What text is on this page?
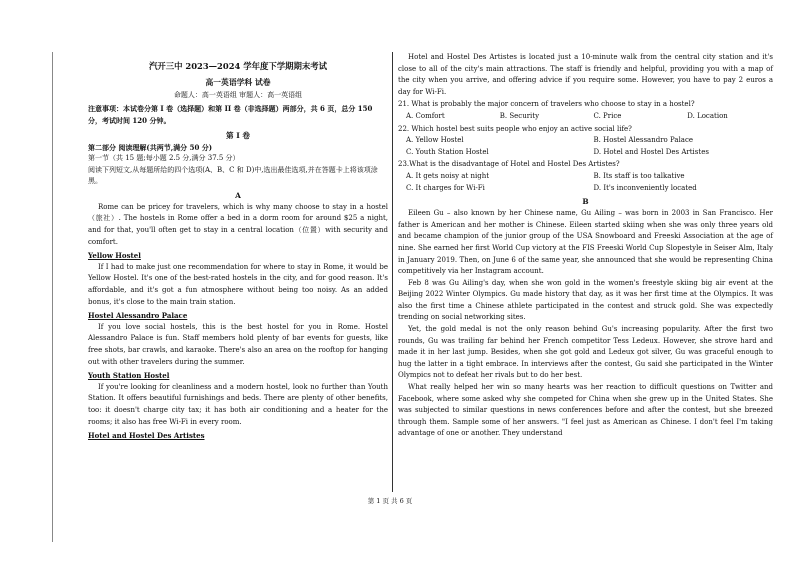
汽开三中 2023—2024 学年度下学期期末考试
高一英语学科 试卷
命题人：高一英语组 审题人：高一英语组
注意事项：本试卷分第 I 卷（选择题）和第 II 卷（非选择题）两部分，共 6 页，总分 150 分，考试时间 120 分钟。
第 I 卷
第二部分 阅读理解(共两节,满分 50 分)
第一节（共 15 题;每小题 2.5 分,满分 37.5 分）
阅读下列短文,从每题所给的四个选项(A、B、C 和 D)中,选出最佳选项,并在答题卡上将该项涂黑。
A
Rome can be pricey for travelers, which is why many choose to stay in a hostel （旅社）. The hostels in Rome offer a bed in a dorm room for around $25 a night, and for that, you'll often get to stay in a central location（位置）with security and comfort.
Yellow Hostel
If I had to make just one recommendation for where to stay in Rome, it would be Yellow Hostel. It's one of the best-rated hostels in the city, and for good reason. It's affordable, and it's got a fun atmosphere without being too noisy. As an added bonus, it's close to the main train station.
Hostel Alessandro Palace
If you love social hostels, this is the best hostel for you in Rome. Hostel Alessandro Palace is fun. Staff members hold plenty of bar events for guests, like free shots, bar crawls, and karaoke. There's also an area on the rooftop for hanging out with other travelers during the summer.
Youth Station Hostel
If you're looking for cleanliness and a modern hostel, look no further than Youth Station. It offers beautiful furnishings and beds. There are plenty of other benefits, too: it doesn't charge city tax; it has both air conditioning and a heater for the rooms; it also has free Wi-Fi in every room.
Hotel and Hostel Des Artistes
Hotel and Hostel Des Artistes is located just a 10-minute walk from the central city station and it's close to all of the city's main attractions. The staff is friendly and helpful, providing you with a map of the city when you arrive, and offering advice if you require some. However, you have to pay 2 euros a day for Wi-Fi.
21. What is probably the major concern of travelers who choose to stay in a hostel?
A. Comfort	B. Security	C. Price	D. Location
22. Which hostel best suits people who enjoy an active social life?
A. Yellow Hostel	B. Hostel Alessandro Palace
C. Youth Station Hostel	D. Hotel and Hostel Des Artistes
23.What is the disadvantage of Hotel and Hostel Des Artistes?
A. It gets noisy at night	B. Its staff is too talkative
C. It charges for Wi-Fi	D. It's inconveniently located
B
Eileen Gu – also known by her Chinese name, Gu Ailing – was born in 2003 in San Francisco. Her father is American and her mother is Chinese. Eileen started skiing when she was only three years old and became champion of the junior group of the USA Snowboard and Freeski Association at the age of nine. She earned her first World Cup victory at the FIS Freeski World Cup Slopestyle in Seiser Alm, Italy in January 2019. Then, on June 6 of the same year, she announced that she would be representing China competitively via her Instagram account.
Feb 8 was Gu Ailing's day, when she won gold in the women's freestyle skiing big air event at the Beijing 2022 Winter Olympics. Gu made history that day, as it was her first time at the Olympics. It was also the first time a Chinese athlete participated in the contest and struck gold. She was expectedly trending on social networking sites.
Yet, the gold medal is not the only reason behind Gu's increasing popularity. After the first two rounds, Gu was trailing far behind her French competitor Tess Ledeux. However, she strove hard and made it in her last jump. Besides, when she got gold and Ledeux got silver, Gu was graceful enough to hug the latter in a tight embrace. In interviews after the contest, Gu said she participated in the Winter Olympics not to defeat her rivals but to do her best.
What really helped her win so many hearts was her reaction to difficult questions on Twitter and Facebook, where some asked why she competed for China when she grew up in the United States. She was subjected to similar questions in news conferences before and after the contest, but she breezed through them. Sample some of her answers. "I feel just as American as Chinese. I don't feel I'm taking advantage of one or another. They understand
第 1 页 共 6 页
